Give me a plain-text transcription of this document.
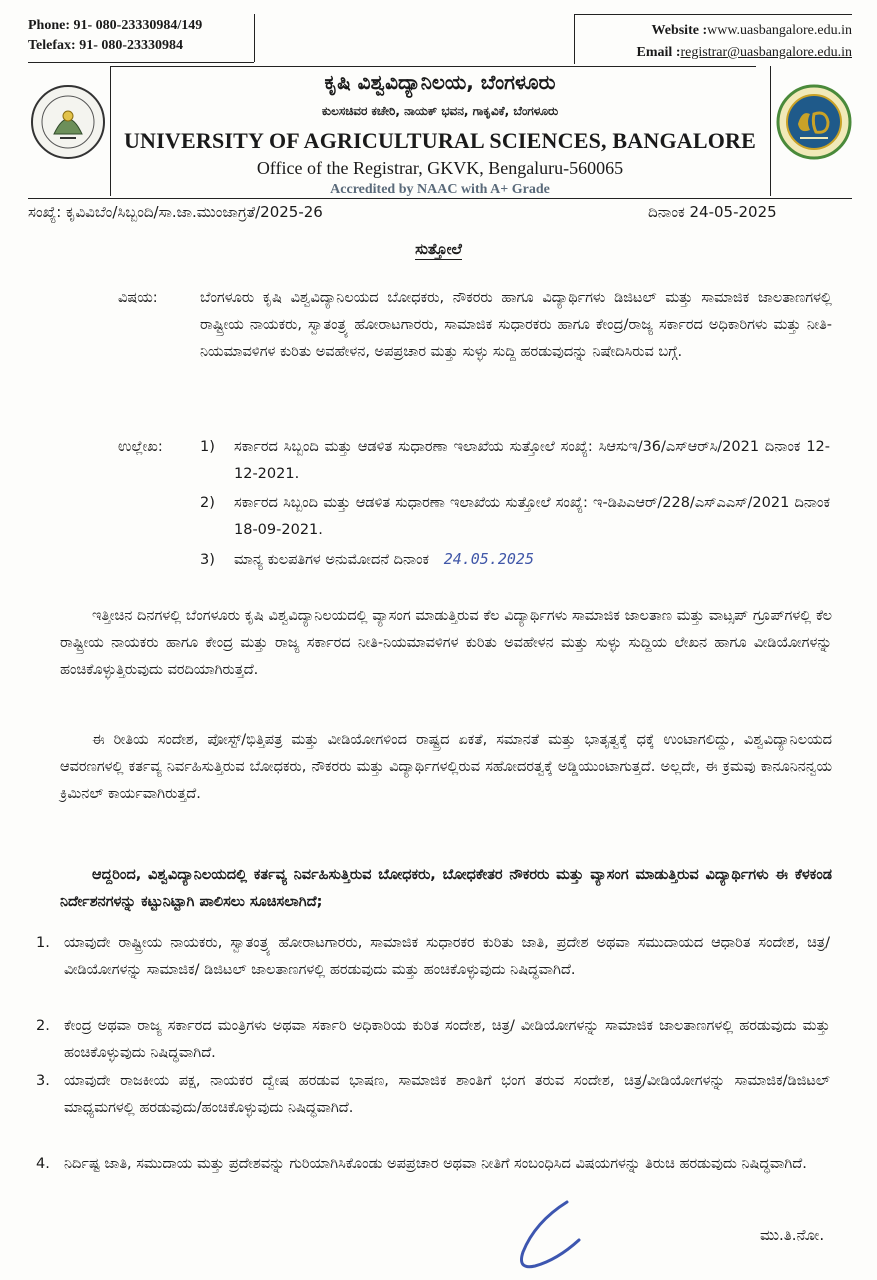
Phone: 91- 080-23330984/149
Telefax: 91- 080-23330984
Website :www.uasbangalore.edu.in
Email :registrar@uasbangalore.edu.in
ಕೃಷಿ ವಿಶ್ವವಿದ್ಯಾನಿಲಯ, ಬೆಂಗಳೂರು
ಕುಲಸಚಿವರ ಕಚೇರಿ, ನಾಯಕ್ ಭವನ, ಗಾಕೃವಿಕೆ, ಬೆಂಗಳೂರು
UNIVERSITY OF AGRICULTURAL SCIENCES, BANGALORE
Office of the Registrar, GKVK, Bengaluru-560065
Accredited by NAAC with A+ Grade
ಸಂಖ್ಯೆ: ಕೃವಿವಿಬೆಂ/ಸಿಬ್ಬಂದಿ/ಸಾ.ಜಾ.ಮುಂಜಾಗ್ರತೆ/2025-26	ದಿನಾಂಕ 24-05-2025
ಸುತ್ತೋಲೆ
ವಿಷಯ:	ಬೆಂಗಳೂರು ಕೃಷಿ ವಿಶ್ವವಿದ್ಯಾನಿಲಯದ ಬೋಧಕರು, ನೌಕರರು ಹಾಗೂ ವಿದ್ಯಾರ್ಥಿಗಳು ಡಿಜಿಟಲ್ ಮತ್ತು ಸಾಮಾಜಿಕ ಜಾಲತಾಣಗಳಲ್ಲಿ ರಾಷ್ಟ್ರೀಯ ನಾಯಕರು, ಸ್ವಾತಂತ್ರ್ಯ ಹೋರಾಟಗಾರರು, ಸಾಮಾಜಿಕ ಸುಧಾರಕರು ಹಾಗೂ ಕೇಂದ್ರ/ರಾಜ್ಯ ಸರ್ಕಾರದ ಅಧಿಕಾರಿಗಳು ಮತ್ತು ನೀತಿ-ನಿಯಮಾವಳಿಗಳ ಕುರಿತು ಅವಹೇಳನ, ಅಪಪ್ರಚಾರ ಮತ್ತು ಸುಳ್ಳು ಸುದ್ದಿ ಹರಡುವುದನ್ನು ನಿಷೇದಿಸಿರುವ ಬಗ್ಗೆ.
ಉಲ್ಲೇಖ:	1) ಸರ್ಕಾರದ ಸಿಬ್ಬಂದಿ ಮತ್ತು ಆಡಳಿತ ಸುಧಾರಣಾ ಇಲಾಖೆಯ ಸುತ್ತೋಲೆ ಸಂಖ್ಯೆ: ಸಿಆಸುಇ/36/ಎಸ್‌ಆರ್‌ಸಿ/2021 ದಿನಾಂಕ 12-12-2021.
2) ಸರ್ಕಾರದ ಸಿಬ್ಬಂದಿ ಮತ್ತು ಆಡಳಿತ ಸುಧಾರಣಾ ಇಲಾಖೆಯ ಸುತ್ತೋಲೆ ಸಂಖ್ಯೆ: ಇ-ಡಿಪಿಎಆರ್/228/ಎಸ್‌ಎಎಸ್/2021 ದಿನಾಂಕ 18-09-2021.
3) ಮಾನ್ಯ ಕುಲಪತಿಗಳ ಅನುಮೋದನೆ ದಿನಾಂಕ 24.05.2025
ಇತ್ತೀಚಿನ ದಿನಗಳಲ್ಲಿ ಬೆಂಗಳೂರು ಕೃಷಿ ವಿಶ್ವವಿದ್ಯಾನಿಲಯದಲ್ಲಿ ವ್ಯಾಸಂಗ ಮಾಡುತ್ತಿರುವ ಕೆಲ ವಿದ್ಯಾರ್ಥಿಗಳು ಸಾಮಾಜಿಕ ಜಾಲತಾಣ ಮತ್ತು ವಾಟ್ಸಪ್ ಗ್ರೂಪ್‌ಗಳಲ್ಲಿ ಕೆಲ ರಾಷ್ಟ್ರೀಯ ನಾಯಕರು ಹಾಗೂ ಕೇಂದ್ರ ಮತ್ತು ರಾಜ್ಯ ಸರ್ಕಾರದ ನೀತಿ-ನಿಯಮಾವಳಿಗಳ ಕುರಿತು ಅವಹೇಳನ ಮತ್ತು ಸುಳ್ಳು ಸುದ್ದಿಯ ಲೇಖನ ಹಾಗೂ ವೀಡಿಯೋಗಳನ್ನು ಹಂಚಿಕೊಳ್ಳುತ್ತಿರುವುದು ವರದಿಯಾಗಿರುತ್ತದೆ.
ಈ ರೀತಿಯ ಸಂದೇಶ, ಪೋಸ್ಟ್/ಭಿತ್ತಿಪತ್ರ ಮತ್ತು ವೀಡಿಯೋಗಳಿಂದ ರಾಷ್ಟ್ರದ ಏಕತೆ, ಸಮಾನತೆ ಮತ್ತು ಭಾತೃತ್ವಕ್ಕೆ ಧಕ್ಕೆ ಉಂಟಾಗಲಿದ್ದು, ವಿಶ್ವವಿದ್ಯಾನಿಲಯದ ಆವರಣಗಳಲ್ಲಿ ಕರ್ತವ್ಯ ನಿರ್ವಹಿಸುತ್ತಿರುವ ಬೋಧಕರು, ನೌಕರರು ಮತ್ತು ವಿದ್ಯಾರ್ಥಿಗಳಲ್ಲಿರುವ ಸಹೋದರತ್ವಕ್ಕೆ ಅಡ್ಡಿಯುಂಟಾಗುತ್ತದೆ. ಅಲ್ಲದೇ, ಈ ಕ್ರಮವು ಕಾನೂನಿನನ್ವಯ ಕ್ರಿಮಿನಲ್ ಕಾರ್ಯವಾಗಿರುತ್ತದೆ.
ಆದ್ದರಿಂದ, ವಿಶ್ವವಿದ್ಯಾನಿಲಯದಲ್ಲಿ ಕರ್ತವ್ಯ ನಿರ್ವಹಿಸುತ್ತಿರುವ ಬೋಧಕರು, ಬೋಧಕೇತರ ನೌಕರರು ಮತ್ತು ವ್ಯಾಸಂಗ ಮಾಡುತ್ತಿರುವ ವಿದ್ಯಾರ್ಥಿಗಳು ಈ ಕೆಳಕಂಡ ನಿರ್ದೇಶನಗಳನ್ನು ಕಟ್ಟುನಿಟ್ಟಾಗಿ ಪಾಲಿಸಲು ಸೂಚಿಸಲಾಗಿದೆ;
1. ಯಾವುದೇ ರಾಷ್ಟ್ರೀಯ ನಾಯಕರು, ಸ್ವಾತಂತ್ರ್ಯ ಹೋರಾಟಗಾರರು, ಸಾಮಾಜಿಕ ಸುಧಾರಕರ ಕುರಿತು ಜಾತಿ, ಪ್ರದೇಶ ಅಥವಾ ಸಮುದಾಯದ ಆಧಾರಿತ ಸಂದೇಶ, ಚಿತ್ರ/ವೀಡಿಯೋಗಳನ್ನು ಸಾಮಾಜಿಕ/ ಡಿಜಿಟಲ್ ಜಾಲತಾಣಗಳಲ್ಲಿ ಹರಡುವುದು ಮತ್ತು ಹಂಚಿಕೊಳ್ಳುವುದು ನಿಷಿದ್ಧವಾಗಿದೆ.
2. ಕೇಂದ್ರ ಅಥವಾ ರಾಜ್ಯ ಸರ್ಕಾರದ ಮಂತ್ರಿಗಳು ಅಥವಾ ಸರ್ಕಾರಿ ಅಧಿಕಾರಿಯ ಕುರಿತ ಸಂದೇಶ, ಚಿತ್ರ/ ವೀಡಿಯೋಗಳನ್ನು ಸಾಮಾಜಿಕ ಜಾಲತಾಣಗಳಲ್ಲಿ ಹರಡುವುದು ಮತ್ತು ಹಂಚಿಕೊಳ್ಳುವುದು ನಿಷಿದ್ಧವಾಗಿದೆ.
3. ಯಾವುದೇ ರಾಜಕೀಯ ಪಕ್ಷ, ನಾಯಕರ ದ್ವೇಷ ಹರಡುವ ಭಾಷಣ, ಸಾಮಾಜಿಕ ಶಾಂತಿಗೆ ಭಂಗ ತರುವ ಸಂದೇಶ, ಚಿತ್ರ/ವೀಡಿಯೋಗಳನ್ನು ಸಾಮಾಜಿಕ/ಡಿಜಿಟಲ್ ಮಾಧ್ಯಮಗಳಲ್ಲಿ ಹರಡುವುದು/ಹಂಚಿಕೊಳ್ಳುವುದು ನಿಷಿದ್ಧವಾಗಿದೆ.
4. ನಿರ್ದಿಷ್ಟ ಜಾತಿ, ಸಮುದಾಯ ಮತ್ತು ಪ್ರದೇಶವನ್ನು ಗುರಿಯಾಗಿಸಿಕೊಂಡು ಅಪಪ್ರಚಾರ ಅಥವಾ ನೀತಿಗೆ ಸಂಬಂಧಿಸಿದ ವಿಷಯಗಳನ್ನು ತಿರುಚಿ ಹರಡುವುದು ನಿಷಿದ್ಧವಾಗಿದೆ.
ಮು.ತಿ.ನೋ.
